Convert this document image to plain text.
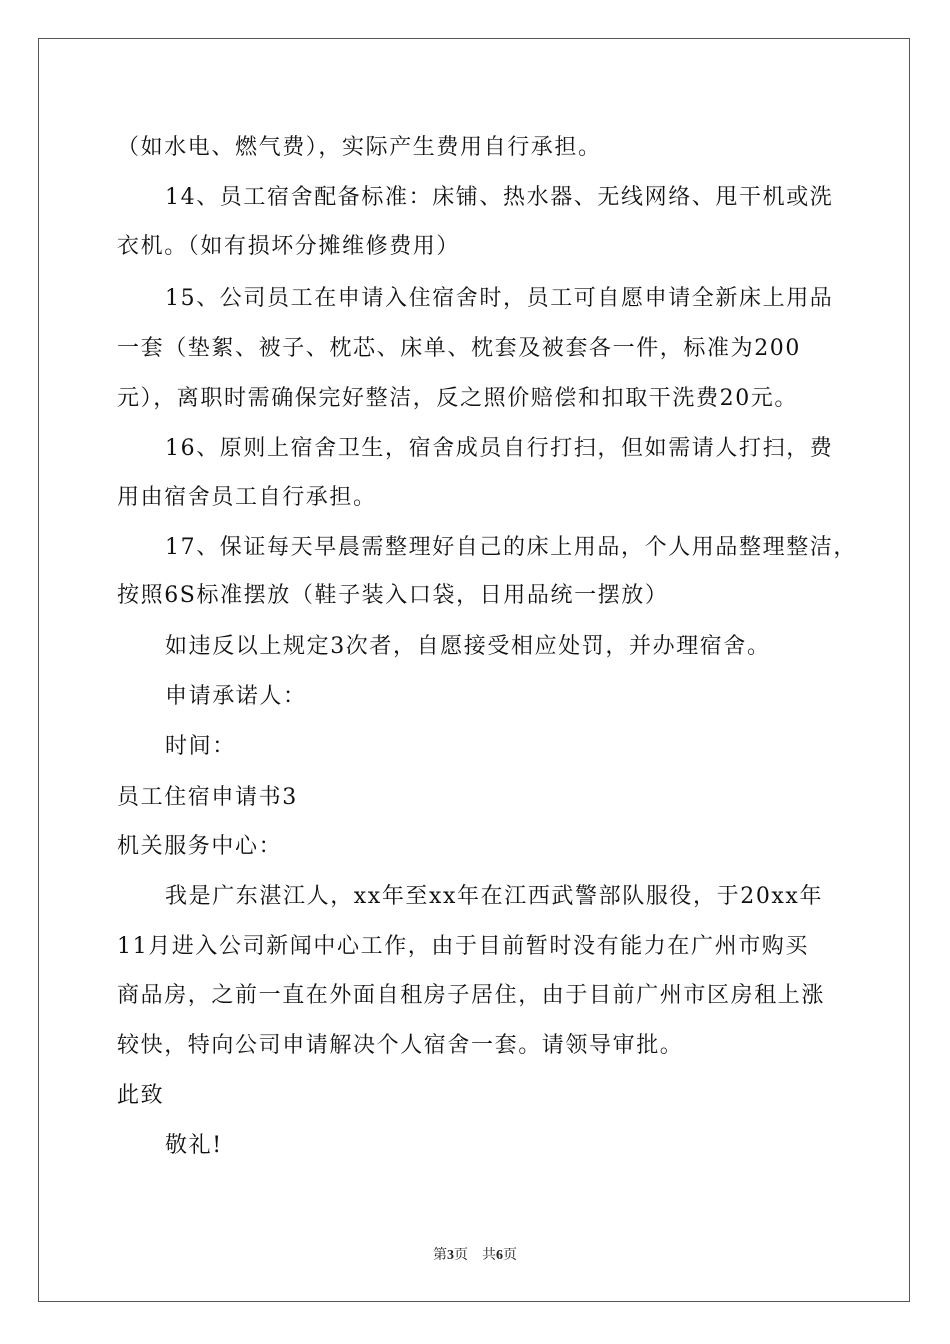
（如水电、燃气费），实际产生费用自行承担。
14、员工宿舍配备标准：床铺、热水器、无线网络、甩干机或洗
衣机。（如有损坏分摊维修费用）
15、公司员工在申请入住宿舍时，员工可自愿申请全新床上用品
一套（垫絮、被子、枕芯、床单、枕套及被套各一件，标准为200
元），离职时需确保完好整洁，反之照价赔偿和扣取干洗费20元。
16、原则上宿舍卫生，宿舍成员自行打扫，但如需请人打扫，费
用由宿舍员工自行承担。
17、保证每天早晨需整理好自己的床上用品，个人用品整理整洁，
按照6S标准摆放（鞋子装入口袋，日用品统一摆放）
如违反以上规定3次者，自愿接受相应处罚，并办理宿舍。
申请承诺人：
时间：
员工住宿申请书3
机关服务中心：
我是广东湛江人，xx年至xx年在江西武警部队服役，于20xx年
11月进入公司新闻中心工作，由于目前暂时没有能力在广州市购买
商品房，之前一直在外面自租房子居住，由于目前广州市区房租上涨
较快，特向公司申请解决个人宿舍一套。请领导审批。
此致
敬礼!
第3页　共6页
